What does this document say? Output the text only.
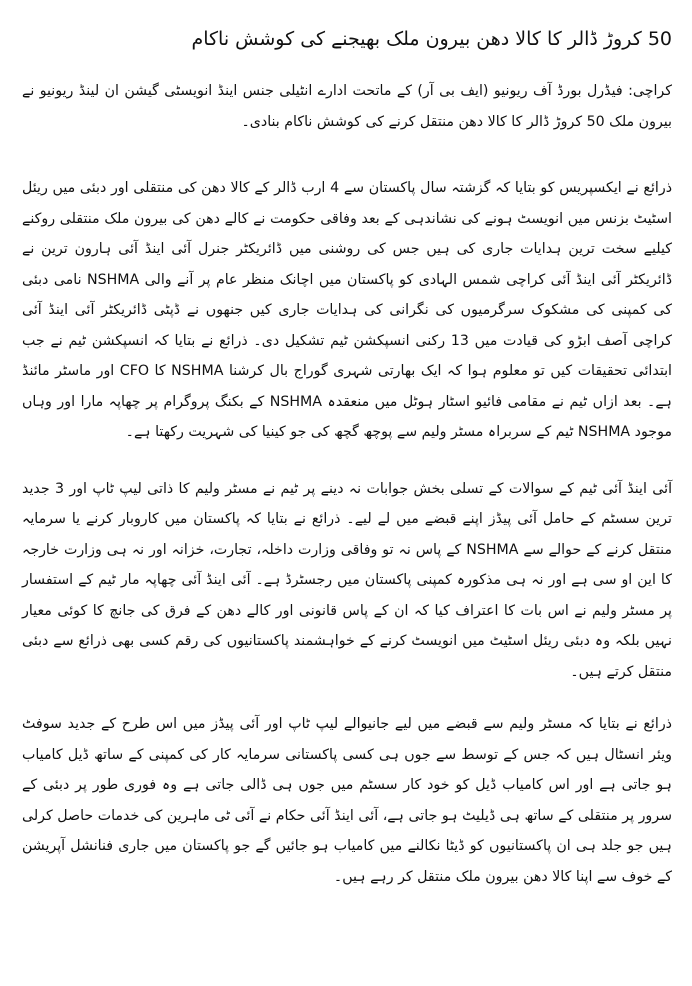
50 کروڑ ڈالر کا کالا دھن بیرون ملک بھیجنے کی کوشش ناکام

کراچی: فیڈرل بورڈ آف ریونیو (ایف بی آر) کے ماتحت ادارے انٹیلی جنس اینڈ انویسٹی گیشن ان لینڈ ریونیو نے بیرون ملک 50 کروڑ ڈالر کا کالا دھن منتقل کرنے کی کوشش ناکام بنادی۔

ذرائع نے ایکسپریس کو بتایا کہ گزشتہ سال پاکستان سے 4 ارب ڈالر کے کالا دھن کی منتقلی اور دبئی میں ریئل اسٹیٹ بزنس میں انویسٹ ہونے کی نشاندہی کے بعد وفاقی حکومت نے کالے دھن کی بیرون ملک منتقلی روکنے کیلیے سخت ترین ہدایات جاری کی ہیں جس کی روشنی میں ڈائریکٹر جنرل آئی اینڈ آئی ہارون ترین نے ڈائریکٹر آئی اینڈ آئی کراچی شمس الہادی کو پاکستان میں اچانک منظر عام پر آنے والی NSHMA نامی دبئی کی کمپنی کی مشکوک سرگرمیوں کی نگرانی کی ہدایات جاری کیں جنھوں نے ڈپٹی ڈائریکٹر آئی اینڈ آئی کراچی آصف ابڑو کی قیادت میں 13 رکنی انسپکشن ٹیم تشکیل دی۔ ذرائع نے بتایا کہ انسپکشن ٹیم نے جب ابتدائی تحقیقات کیں تو معلوم ہوا کہ ایک بھارتی شہری گوراج بال کرشنا NSHMA کا CFO اور ماسٹر مائنڈ ہے۔ بعد ازاں ٹیم نے مقامی فائیو اسٹار ہوٹل میں منعقدہ NSHMA کے بکنگ پروگرام پر چھاپہ مارا اور وہاں موجود NSHMA ٹیم کے سربراہ مسٹر ولیم سے پوچھ گچھ کی جو کینیا کی شہریت رکھتا ہے۔

آئی اینڈ آئی ٹیم کے سوالات کے تسلی بخش جوابات نہ دینے پر ٹیم نے مسٹر ولیم کا ذاتی لیپ ٹاپ اور 3 جدید ترین سسٹم کے حامل آئی پیڈز اپنے قبضے میں لے لیے۔ ذرائع نے بتایا کہ پاکستان میں کاروبار کرنے یا سرمایہ منتقل کرنے کے حوالے سے NSHMA کے پاس نہ تو وفاقی وزارت داخلہ، تجارت، خزانہ اور نہ ہی وزارت خارجہ کا این او سی ہے اور نہ ہی مذکورہ کمپنی پاکستان میں رجسٹرڈ ہے۔ آئی اینڈ آئی چھاپہ مار ٹیم کے استفسار پر مسٹر ولیم نے اس بات کا اعتراف کیا کہ ان کے پاس قانونی اور کالے دھن کے فرق کی جانچ کا کوئی معیار نہیں بلکہ وہ دبئی ریئل اسٹیٹ میں انویسٹ کرنے کے خواہشمند پاکستانیوں کی رقم کسی بھی ذرائع سے دبئی منتقل کرتے ہیں۔

ذرائع نے بتایا کہ مسٹر ولیم سے قبضے میں لیے جانیوالے لیپ ٹاپ اور آئی پیڈز میں اس طرح کے جدید سوفٹ ویئر انسٹال ہیں کہ جس کے توسط سے جوں ہی کسی پاکستانی سرمایہ کار کی کمپنی کے ساتھ ڈیل کامیاب ہو جاتی ہے اور اس کامیاب ڈیل کو خود کار سسٹم میں جوں ہی ڈالی جاتی ہے وہ فوری طور پر دبئی کے سرور پر منتقلی کے ساتھ ہی ڈیلیٹ ہو جاتی ہے، آئی اینڈ آئی حکام نے آئی ٹی ماہرین کی خدمات حاصل کرلی ہیں جو جلد ہی ان پاکستانیوں کو ڈیٹا نکالنے میں کامیاب ہو جائیں گے جو پاکستان میں جاری فنانشل آپریشن کے خوف سے اپنا کالا دھن بیرون ملک منتقل کر رہے ہیں۔
